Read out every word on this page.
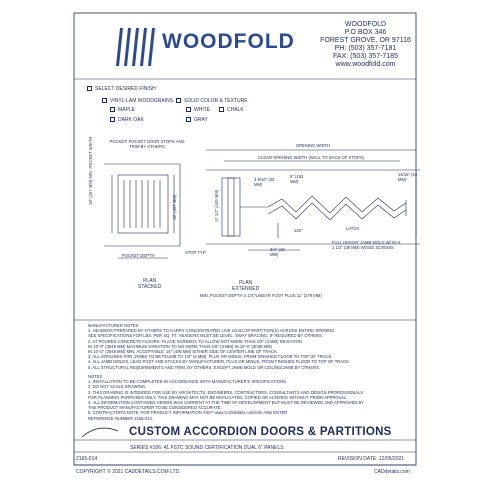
WOODFOLD
WOODFOLD
P.O BOX 346
FOREST GROVE, OR 97116
PH: (503) 357-7181
FAX: (503) 357-7185
www.woodfold.com
SELECT DESIRED FINISH
VINYL-LAM WOODGRAINS SOLID COLOR & TEXTURE
MAPLE	WHITE	CHALK
DARK OAK	GRAY
POCKET: POCKET DOOR STOPS AND TRIM BY OTHERS
18" (457 MM) MIN. POCKET WIDTH
18" (457 MM)	17 1/2" (445 MM)
POCKET DEPTH
STOP TYP.
PLAN
STACKED
OPENING WIDTH
CLEAR OPENING WIDTH (WALL TO BACK OF STOPS)
15/16" (24 MM)
6" (152 MM)
3 9/16" (90 MM)
LATCH
126"
3/4" (19 MM)
FULL HEIGHT JAMB MOLD W/ #6 X 1 1/2" (38 MM) WOOD SCREWS
PLAN
EXTENDED
MIN. POCKET DEPTH 2 1/4"/LINEAR FOOT PLUS 11" (279 MM)
MANUFACTURER NOTES
1. HEADERS PREPARED BY OTHERS TO CARRY CONCENTRATED LIVE LOAD OF PARTITION(S) ACROSS ENTIRE OPENING.
SEE SPECIFICATIONS FOR LBS. PER SQ. FT. HEADERS MUST BE LEVEL. SWAY BRACING, IF REQUIRED BY OTHERS.
2. AT POURED CONCRETE FLOORS: PLACE SCREEDS TO ALLOW NOT MORE THAN 1/8" (3 MM) DEVIATION
IN 10'-0" (3048 MM) MAXIMUM VARIATION TO NO MORE THAN 1/8" (3 MM) IN 10'-0" (3048 MM)
IN 10'-0" (3048 MM) MIN. ACCEPTABLE: 16" (406 MM) EITHER SIDE OF CENTER LINE OF TRACK.
3. ALL GROUNDS FOR JAMBS TO BE PLUMB TO 1/4" (6 MM). PLUS OR MINUS, FROM FINISHED FLOOR TO TOP OF TRACK.
4. ALL JAMB MOLDS, LEAD POST AND STACKS BY MANUFACTURER, PLUS OR MINUS, FROM FINISHED FLOOR TO TOP OF TRACK.
5. ALL STRUCTURAL REQUIREMENTS AND TRIM, BY OTHERS, EXCEPT JAMB MOLD OR CEILING/JAMB BY OTHERS.
NOTES
1. INSTALLATION TO BE COMPLETED IN ACCORDANCE WITH MANUFACTURER'S SPECIFICATIONS.
2. DO NOT SCALE DRAWING.
3. THIS DRAWING IS INTENDED FOR USE BY ARCHITECTS, ENGINEERS, CONTRACTORS, CONSULTANTS AND DESIGN PROFESSIONALS
FOR PLANNING PURPOSES ONLY. THIS DRAWING MAY NOT BE REPLICATED, COPIED OR ALTERED WITHOUT PRIOR APPROVAL.
4. ALL INFORMATION CONTAINED HEREIN WAS CURRENT AT THE TIME OF DEVELOPMENT BUT MUST BE REVIEWED AND APPROVED BY
THE PRODUCT MANUFACTURER TO BE CONSIDERED ACCURATE.
5. CONTRACTOR'S NOTE: FOR PRODUCT INFORMATION VISIT www.CADdetails.com/info AND ENTER
REFERENCE NUMBER 2165-014.
CUSTOM ACCORDION DOORS & PARTITIONS
SERIES #186: 41 FSTC SOUND CERTIFICATION DUAL 6" PANELS
2165-014	REVISION DATE: 12/05/2021
COPYRIGHT © 2021 CADDETAILS.COM LTD.	CADdetails.com
